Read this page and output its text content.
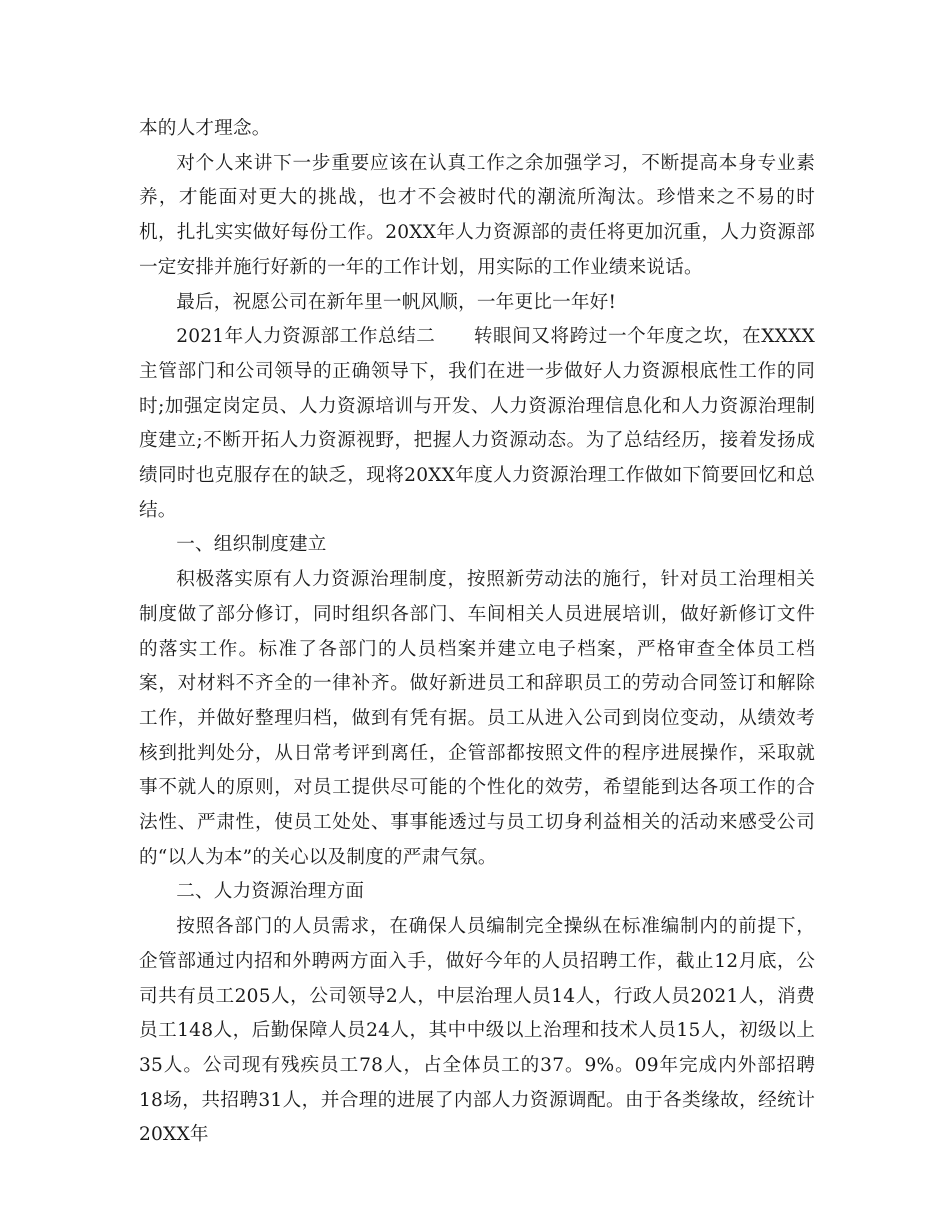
本的人才理念。

对个人来讲下一步重要应该在认真工作之余加强学习，不断提高本身专业素养，才能面对更大的挑战，也才不会被时代的潮流所淘汰。珍惜来之不易的时机，扎扎实实做好每份工作。20XX年人力资源部的责任将更加沉重，人力资源部一定安排并施行好新的一年的工作计划，用实际的工作业绩来说话。

最后，祝愿公司在新年里一帆风顺，一年更比一年好!

2021年人力资源部工作总结二 转眼间又将跨过一个年度之坎，在XXXX主管部门和公司领导的正确领导下，我们在进一步做好人力资源根底性工作的同时;加强定岗定员、人力资源培训与开发、人力资源治理信息化和人力资源治理制度建立;不断开拓人力资源视野，把握人力资源动态。为了总结经历，接着发扬成绩同时也克服存在的缺乏，现将20XX年度人力资源治理工作做如下简要回忆和总结。

一、组织制度建立

积极落实原有人力资源治理制度，按照新劳动法的施行，针对员工治理相关制度做了部分修订，同时组织各部门、车间相关人员进展培训，做好新修订文件的落实工作。标准了各部门的人员档案并建立电子档案，严格审查全体员工档案，对材料不齐全的一律补齐。做好新进员工和辞职员工的劳动合同签订和解除工作，并做好整理归档，做到有凭有据。员工从进入公司到岗位变动，从绩效考核到批判处分，从日常考评到离任，企管部都按照文件的程序进展操作，采取就事不就人的原则，对员工提供尽可能的个性化的效劳，希望能到达各项工作的合法性、严肃性，使员工处处、事事能透过与员工切身利益相关的活动来感受公司的“以人为本”的关心以及制度的严肃气氛。

二、人力资源治理方面

按照各部门的人员需求，在确保人员编制完全操纵在标准编制内的前提下，企管部通过内招和外聘两方面入手，做好今年的人员招聘工作，截止12月底，公司共有员工205人，公司领导2人，中层治理人员14人，行政人员2021人，消费员工148人，后勤保障人员24人，其中中级以上治理和技术人员15人，初级以上35人。公司现有残疾员工78人，占全体员工的37。9%。09年完成内外部招聘18场，共招聘31人，并合理的进展了内部人力资源调配。由于各类缘故，经统计20XX年
